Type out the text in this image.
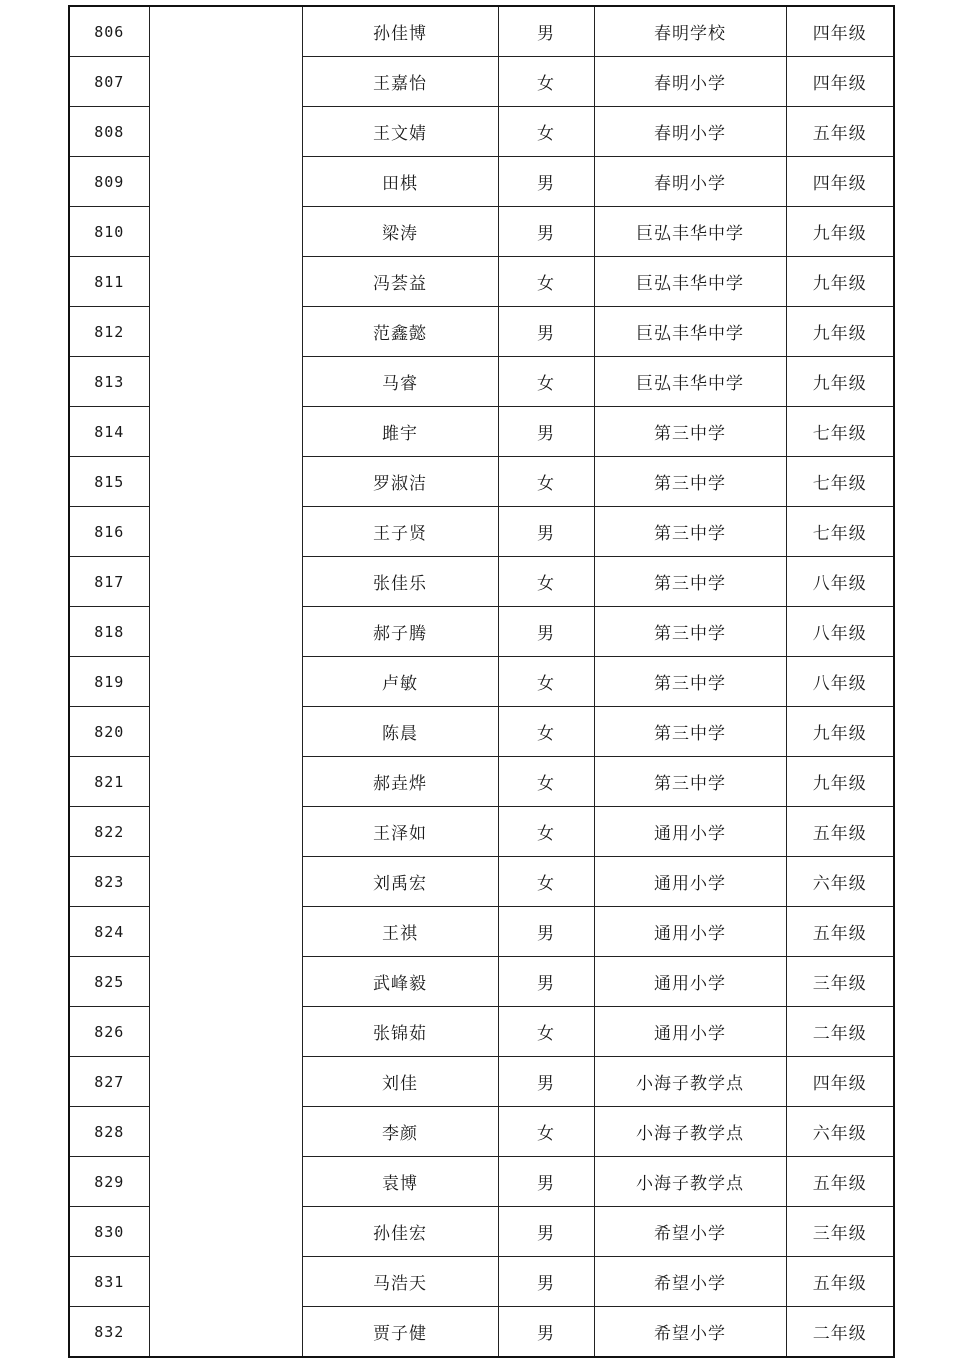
806		孙佳博	男	春明学校	四年级
807		王嘉怡	女	春明小学	四年级
808		王文婧	女	春明小学	五年级
809		田棋	男	春明小学	四年级
810		梁涛	男	巨弘丰华中学	九年级
811		冯荟益	女	巨弘丰华中学	九年级
812		范鑫懿	男	巨弘丰华中学	九年级
813		马睿	女	巨弘丰华中学	九年级
814		雎宇	男	第三中学	七年级
815		罗淑洁	女	第三中学	七年级
816		王子贤	男	第三中学	七年级
817		张佳乐	女	第三中学	八年级
818		郝子腾	男	第三中学	八年级
819		卢敏	女	第三中学	八年级
820		陈晨	女	第三中学	九年级
821		郝垚烨	女	第三中学	九年级
822		王泽如	女	通用小学	五年级
823		刘禹宏	女	通用小学	六年级
824		王祺	男	通用小学	五年级
825		武峰毅	男	通用小学	三年级
826		张锦茹	女	通用小学	二年级
827		刘佳	男	小海子教学点	四年级
828		李颜	女	小海子教学点	六年级
829		袁博	男	小海子教学点	五年级
830		孙佳宏	男	希望小学	三年级
831		马浩天	男	希望小学	五年级
832		贾子健	男	希望小学	二年级
